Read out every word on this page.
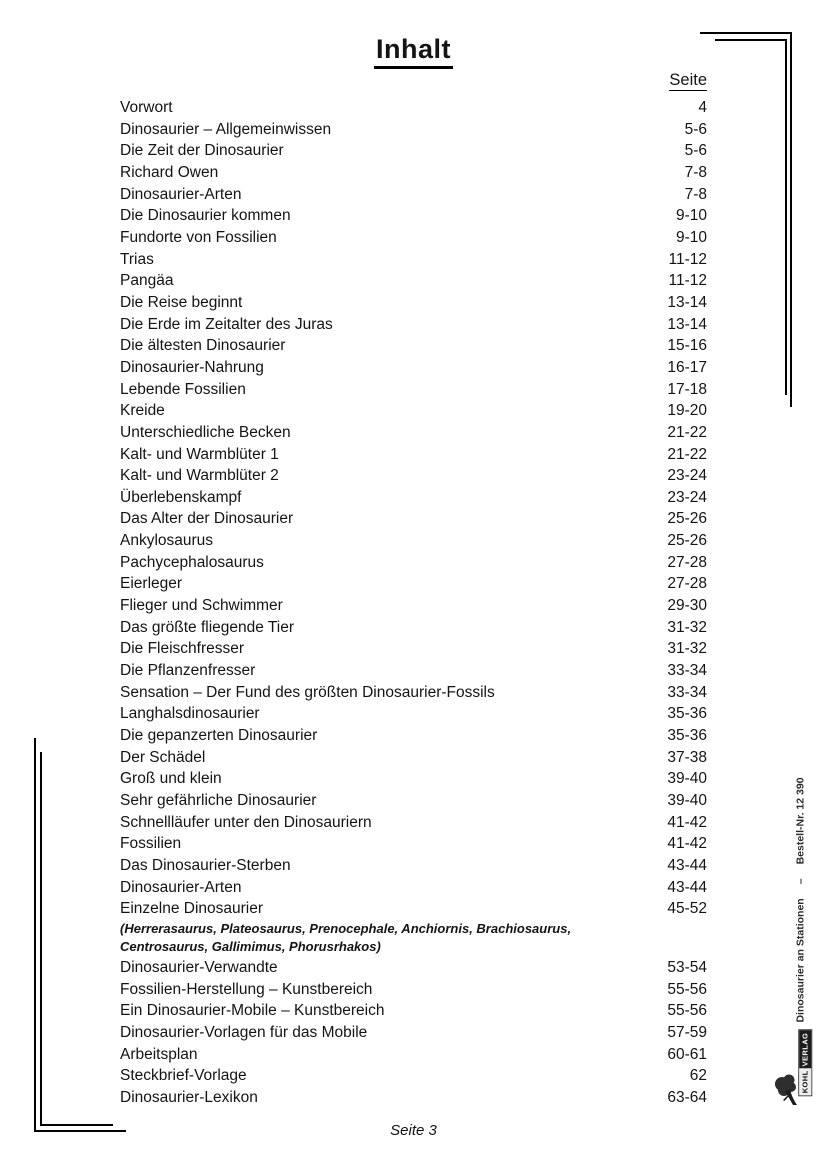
Inhalt
Seite
Vorwort	4
Dinosaurier – Allgemeinwissen	5-6
Die Zeit der Dinosaurier	5-6
Richard Owen	7-8
Dinosaurier-Arten	7-8
Die Dinosaurier kommen	9-10
Fundorte von Fossilien	9-10
Trias	11-12
Pangäa	11-12
Die Reise beginnt	13-14
Die Erde im Zeitalter des Juras	13-14
Die ältesten Dinosaurier	15-16
Dinosaurier-Nahrung	16-17
Lebende Fossilien	17-18
Kreide	19-20
Unterschiedliche Becken	21-22
Kalt- und Warmblüter 1	21-22
Kalt- und Warmblüter 2	23-24
Überlebenskampf	23-24
Das Alter der Dinosaurier	25-26
Ankylosaurus	25-26
Pachycephalosaurus	27-28
Eierleger	27-28
Flieger und Schwimmer	29-30
Das größte fliegende Tier	31-32
Die Fleischfresser	31-32
Die Pflanzenfresser	33-34
Sensation – Der Fund des größten Dinosaurier-Fossils	33-34
Langhalsdinosaurier	35-36
Die gepanzerten Dinosaurier	35-36
Der Schädel	37-38
Groß und klein	39-40
Sehr gefährliche Dinosaurier	39-40
Schnellläufer unter den Dinosauriern	41-42
Fossilien	41-42
Das Dinosaurier-Sterben	43-44
Dinosaurier-Arten	43-44
Einzelne Dinosaurier	45-52
(Herrerasaurus, Plateosaurus, Prenocephale, Anchiornis, Brachiosaurus,
Centrosaurus, Gallimimus, Phorusrhakos)
Dinosaurier-Verwandte	53-54
Fossilien-Herstellung – Kunstbereich	55-56
Ein Dinosaurier-Mobile – Kunstbereich	55-56
Dinosaurier-Vorlagen für das Mobile	57-59
Arbeitsplan	60-61
Steckbrief-Vorlage	62
Dinosaurier-Lexikon	63-64
Seite 3
Dinosaurier an Stationen
–
Bestell-Nr. 12 390
KOHL
VERLAG
